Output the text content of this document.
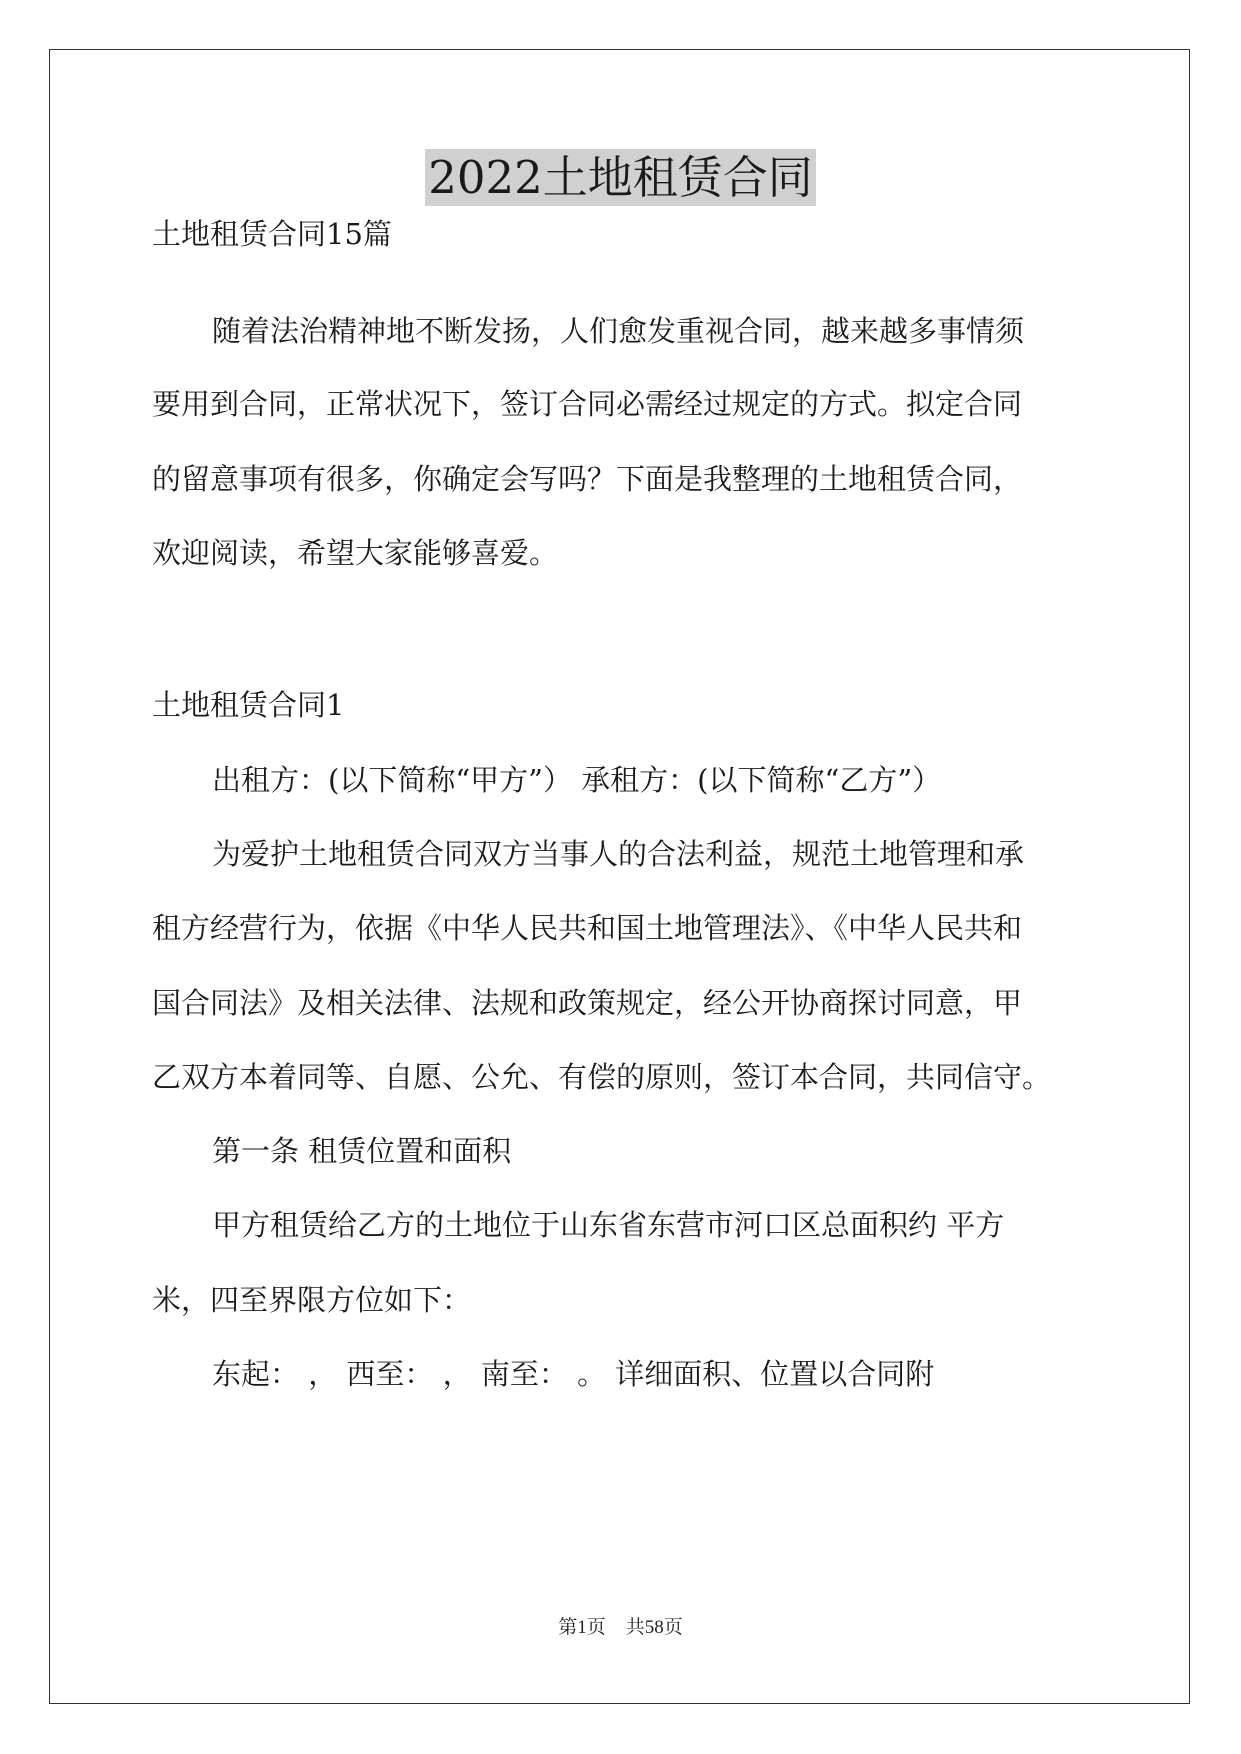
2022土地租赁合同

土地租赁合同15篇

随着法治精神地不断发扬，人们愈发重视合同，越来越多事情须

要用到合同，正常状况下，签订合同必需经过规定的方式。拟定合同

的留意事项有很多，你确定会写吗？下面是我整理的土地租赁合同，

欢迎阅读，希望大家能够喜爱。

土地租赁合同1

出租方：(以下简称“甲方”） 承租方：(以下简称“乙方”）

为爱护土地租赁合同双方当事人的合法利益，规范土地管理和承

租方经营行为，依据《中华人民共和国土地管理法》、《中华人民共和

国合同法》及相关法律、法规和政策规定，经公开协商探讨同意，甲

乙双方本着同等、自愿、公允、有偿的原则，签订本合同，共同信守。

第一条 租赁位置和面积

甲方租赁给乙方的土地位于山东省东营市河口区总面积约 平方

米，四至界限方位如下：

东起： ， 西至： ， 南至： 。 详细面积、位置以合同附

第1页 共58页
